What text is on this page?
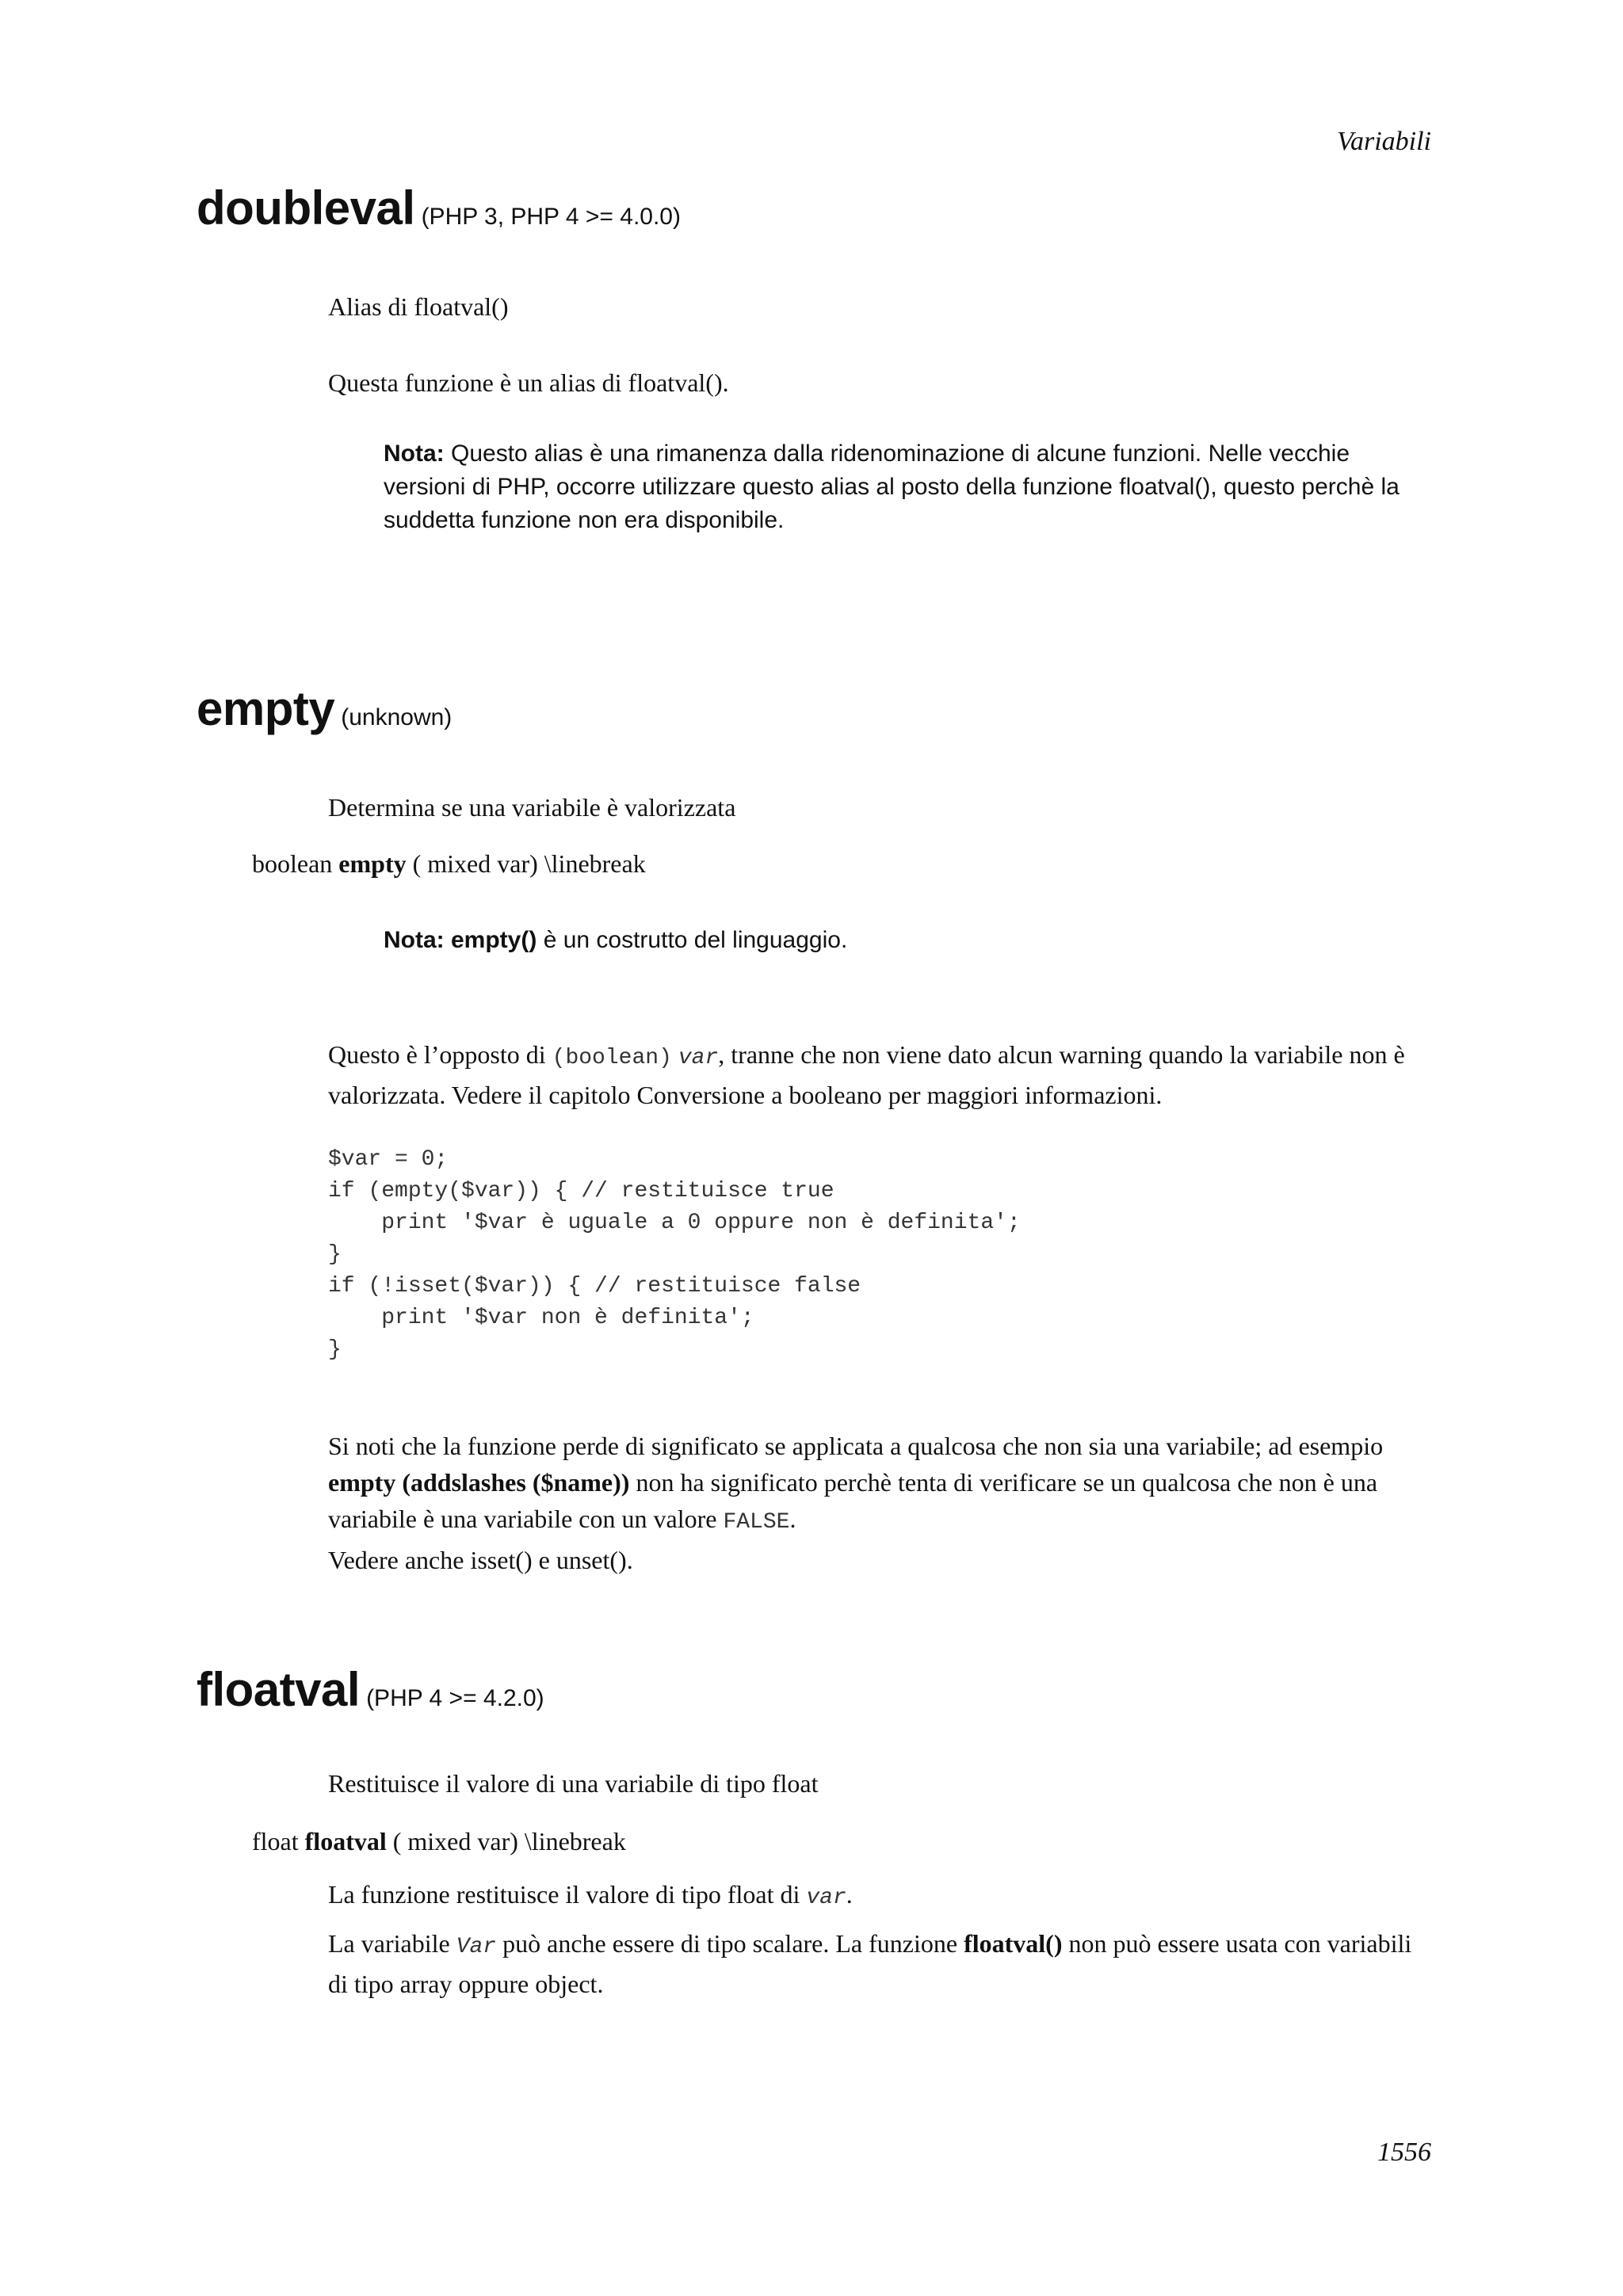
Variabili
doubleval (PHP 3, PHP 4 >= 4.0.0)

Alias di floatval()

Questa funzione è un alias di floatval().

Nota: Questo alias è una rimanenza dalla ridenominazione di alcune funzioni. Nelle vecchie versioni di PHP, occorre utilizzare questo alias al posto della funzione floatval(), questo perchè la suddetta funzione non era disponibile.

empty (unknown)

Determina se una variabile è valorizzata

boolean empty ( mixed var) \linebreak

Nota: empty() è un costrutto del linguaggio.

Questo è l’opposto di (boolean) var, tranne che non viene dato alcun warning quando la variabile non è valorizzata. Vedere il capitolo Conversione a booleano per maggiori informazioni.

$var = 0;
if (empty($var)) { // restituisce true
print '$var è uguale a 0 oppure non è definita';
}
if (!isset($var)) { // restituisce false
print '$var non è definita';
}

Si noti che la funzione perde di significato se applicata a qualcosa che non sia una variabile; ad esempio empty (addslashes ($name)) non ha significato perchè tenta di verificare se un qualcosa che non è una variabile è una variabile con un valore FALSE.

Vedere anche isset() e unset().

floatval (PHP 4 >= 4.2.0)

Restituisce il valore di una variabile di tipo float

float floatval ( mixed var) \linebreak

La funzione restituisce il valore di tipo float di var.

La variabile Var può anche essere di tipo scalare. La funzione floatval() non può essere usata con variabili di tipo array oppure object.

1556
